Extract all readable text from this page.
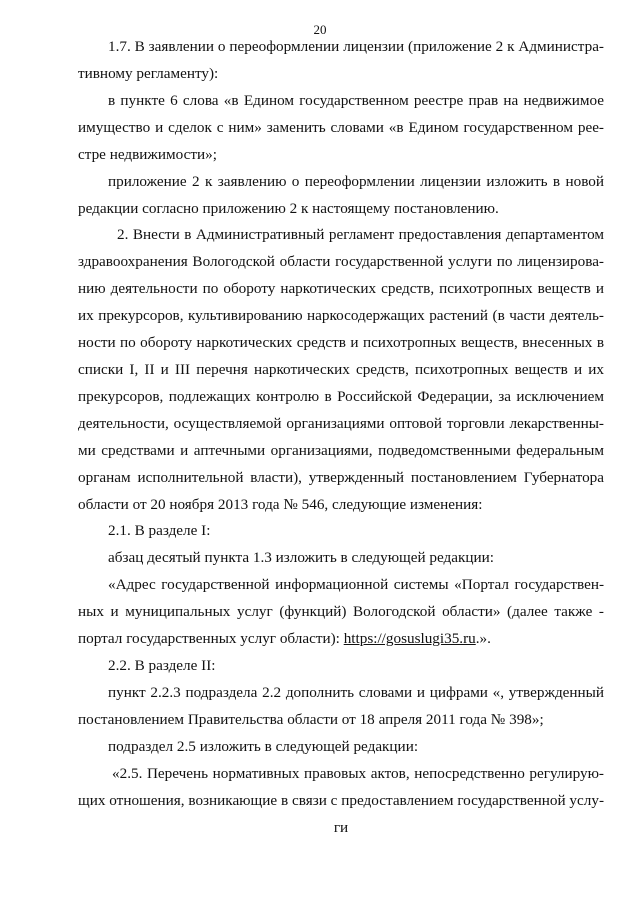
20
1.7. В заявлении о переоформлении лицензии (приложение 2 к Администра-
тивному регламенту):
в пункте 6 слова «в Едином государственном реестре прав на недвижимое
имущество и сделок с ним» заменить словами «в Едином государственном рее-
стре недвижимости»;
приложение 2 к заявлению о переоформлении лицензии изложить в новой
редакции согласно приложению 2 к настоящему постановлению.
2. Внести в Административный регламент предоставления департаментом
здравоохранения Вологодской области государственной услуги по лицензирова-
нию деятельности по обороту наркотических средств, психотропных веществ и
их прекурсоров, культивированию наркосодержащих растений (в части деятель-
ности по обороту наркотических средств и психотропных веществ, внесенных в
списки I, II и III перечня наркотических средств, психотропных веществ и их
прекурсоров, подлежащих контролю в Российской Федерации, за исключением
деятельности, осуществляемой организациями оптовой торговли лекарственны-
ми средствами и аптечными организациями, подведомственными федеральным
органам исполнительной власти), утвержденный постановлением Губернатора
области от 20 ноября 2013 года № 546, следующие изменения:
2.1. В разделе I:
абзац десятый пункта 1.3 изложить в следующей редакции:
«Адрес государственной информационной системы «Портал государствен-
ных и муниципальных услуг (функций) Вологодской области» (далее также -
портал государственных услуг области): https://gosuslugi35.ru.».
2.2. В разделе II:
пункт 2.2.3 подраздела 2.2 дополнить словами и цифрами «, утвержденный
постановлением Правительства области от 18 апреля 2011 года № 398»;
подраздел 2.5 изложить в следующей редакции:
«2.5. Перечень нормативных правовых актов, непосредственно регулирую-
щих отношения, возникающие в связи с предоставлением государственной услу-
ги
